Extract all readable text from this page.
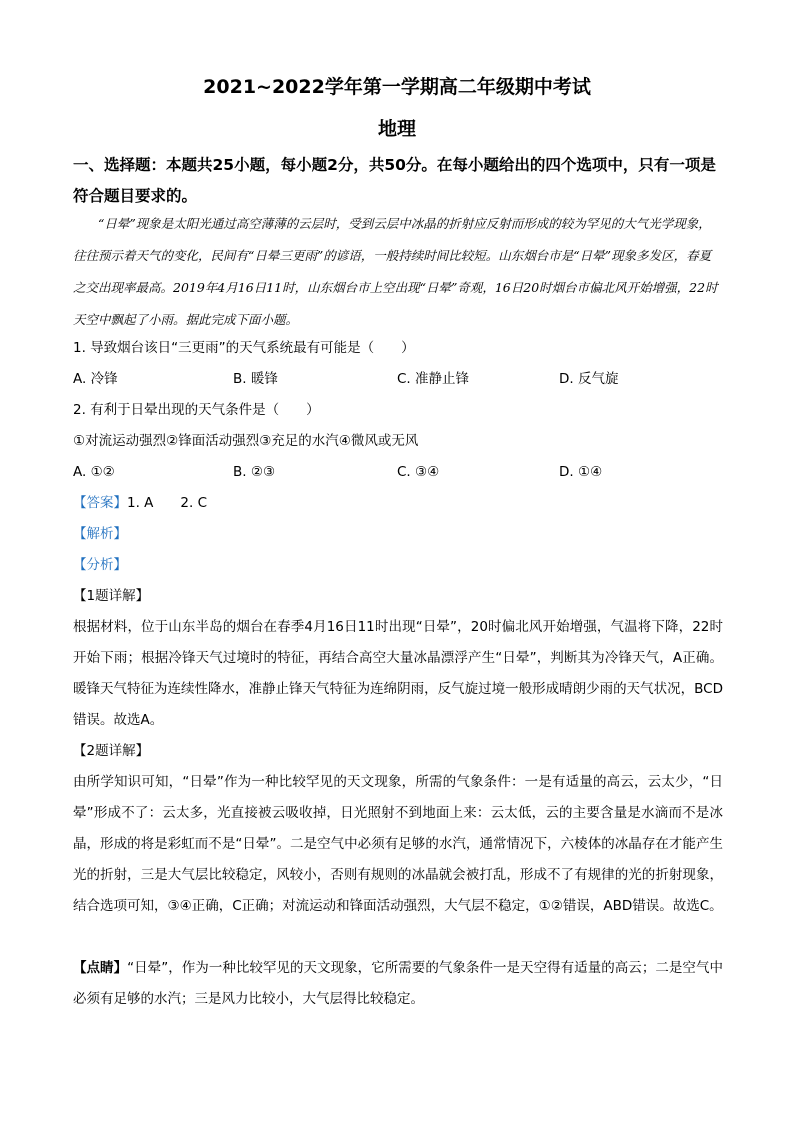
2021~2022学年第一学期高二年级期中考试
地理
一、选择题：本题共25小题，每小题2分，共50分。在每小题给出的四个选项中，只有一项是符合题目要求的。

“日晕”现象是太阳光通过高空薄薄的云层时，受到云层中冰晶的折射应反射而形成的较为罕见的大气光学现象，往往预示着天气的变化，民间有“日晕三更雨”的谚语，一般持续时间比较短。山东烟台市是“日晕”现象多发区，春夏之交出现率最高。2019年4月16日11时，山东烟台市上空出现“日晕”奇观，16日20时烟台市偏北风开始增强，22时天空中飘起了小雨。据此完成下面小题。

1. 导致烟台该日“三更雨”的天气系统最有可能是（　　）
A. 冷锋	B. 暖锋	C. 准静止锋	D. 反气旋
2. 有利于日晕出现的天气条件是（　　）
①对流运动强烈②锋面活动强烈③充足的水汽④微风或无风
A. ①②	B. ②③	C. ③④	D. ①④
【答案】1. A　　2. C
【解析】
【分析】
【1题详解】

根据材料，位于山东半岛的烟台在春季4月16日11时出现“日晕”，20时偏北风开始增强，气温将下降，22时开始下雨；根据冷锋天气过境时的特征，再结合高空大量冰晶漂浮产生“日晕”，判断其为冷锋天气，A正确。暖锋天气特征为连续性降水，准静止锋天气特征为连绵阴雨，反气旋过境一般形成晴朗少雨的天气状况，BCD错误。故选A。

【2题详解】

由所学知识可知，“日晕”作为一种比较罕见的天文现象，所需的气象条件：一是有适量的高云，云太少，“日晕”形成不了：云太多，光直接被云吸收掉，日光照射不到地面上来：云太低，云的主要含量是水滴而不是冰晶，形成的将是彩虹而不是“日晕”。二是空气中必须有足够的水汽，通常情况下，六棱体的冰晶存在才能产生光的折射，三是大气层比较稳定，风较小，否则有规则的冰晶就会被打乱，形成不了有规律的光的折射现象，结合选项可知，③④正确，C正确；对流运动和锋面活动强烈，大气层不稳定，①②错误，ABD错误。故选C。

【点睛】“日晕”，作为一种比较罕见的天文现象，它所需要的气象条件一是天空得有适量的高云；二是空气中必须有足够的水汽；三是风力比较小，大气层得比较稳定。
